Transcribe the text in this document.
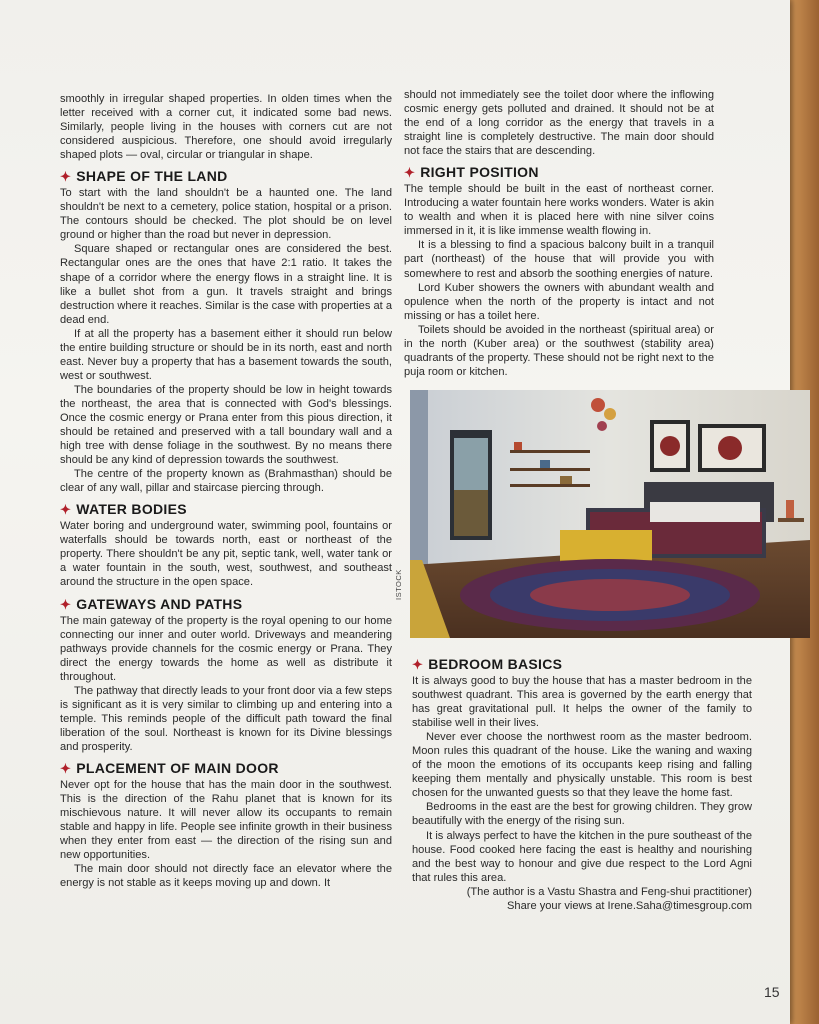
smoothly in irregular shaped properties. In olden times when the letter received with a corner cut, it indicated some bad news. Similarly, people living in the houses with corners cut are not considered auspicious. Therefore, one should avoid irregularly shaped plots — oval, circular or triangular in shape.

✦ SHAPE OF THE LAND

To start with the land shouldn't be a haunted one. The land shouldn't be next to a cemetery, police station, hospital or a prison. The contours should be checked. The plot should be on level ground or higher than the road but never in depression.

Square shaped or rectangular ones are considered the best. Rectangular ones are the ones that have 2:1 ratio. It takes the shape of a corridor where the energy flows in a straight line. It is like a bullet shot from a gun. It travels straight and brings destruction where it reaches. Similar is the case with properties at a dead end.

If at all the property has a basement either it should run below the entire building structure or should be in its north, east and north east. Never buy a property that has a basement towards the south, west or southwest.

The boundaries of the property should be low in height towards the northeast, the area that is connected with God's blessings. Once the cosmic energy or Prana enter from this pious direction, it should be retained and preserved with a tall boundary wall and a high tree with dense foliage in the southwest. By no means there should be any kind of depression towards the southwest.

The centre of the property known as (Brahmasthan) should be clear of any wall, pillar and staircase piercing through.

✦ WATER BODIES

Water boring and underground water, swimming pool, fountains or waterfalls should be towards north, east or northeast of the property. There shouldn't be any pit, septic tank, well, water tank or a water fountain in the south, west, southwest, and southeast around the structure in the open space.

✦ GATEWAYS AND PATHS

The main gateway of the property is the royal opening to our home connecting our inner and outer world. Driveways and meandering pathways provide channels for the cosmic energy or Prana. They direct the energy towards the home as well as distribute it throughout.

The pathway that directly leads to your front door via a few steps is significant as it is very similar to climbing up and entering into a temple. This reminds people of the difficult path toward the final liberation of the soul. Northeast is known for its Divine blessings and prosperity.

✦ PLACEMENT OF MAIN DOOR

Never opt for the house that has the main door in the southwest. This is the direction of the Rahu planet that is known for its mischievous nature. It will never allow its occupants to remain stable and happy in life. People see infinite growth in their business when they enter from east — the direction of the rising sun and new opportunities.

The main door should not directly face an elevator where the energy is not stable as it keeps moving up and down. It

should not immediately see the toilet door where the inflowing cosmic energy gets polluted and drained. It should not be at the end of a long corridor as the energy that travels in a straight line is completely destructive. The main door should not face the stairs that are descending.

✦ RIGHT POSITION

The temple should be built in the east of northeast corner. Introducing a water fountain here works wonders. Water is akin to wealth and when it is placed here with nine silver coins immersed in it, it is like immense wealth flowing in.

It is a blessing to find a spacious balcony built in a tranquil part (northeast) of the house that will provide you with somewhere to rest and absorb the soothing energies of nature.

Lord Kuber showers the owners with abundant wealth and opulence when the north of the property is intact and not missing or has a toilet here.

Toilets should be avoided in the northeast (spiritual area) or in the north (Kuber area) or the southwest (stability area) quadrants of the property. These should not be right next to the puja room or kitchen.

ISTOCK
✦ BEDROOM BASICS

It is always good to buy the house that has a master bedroom in the southwest quadrant. This area is governed by the earth energy that has great gravitational pull. It helps the owner of the family to stabilise well in their lives.

Never ever choose the northwest room as the master bedroom. Moon rules this quadrant of the house. Like the waning and waxing of the moon the emotions of its occupants keep rising and falling keeping them mentally and physically unstable. This room is best chosen for the unwanted guests so that they leave the home fast.

Bedrooms in the east are the best for growing children. They grow beautifully with the energy of the rising sun.

It is always perfect to have the kitchen in the pure southeast of the house. Food cooked here facing the east is healthy and nourishing and the best way to honour and give due respect to the Lord Agni that rules this area.

(The author is a Vastu Shastra and Feng-shui practitioner)

Share your views at Irene.Saha@timesgroup.com

15
